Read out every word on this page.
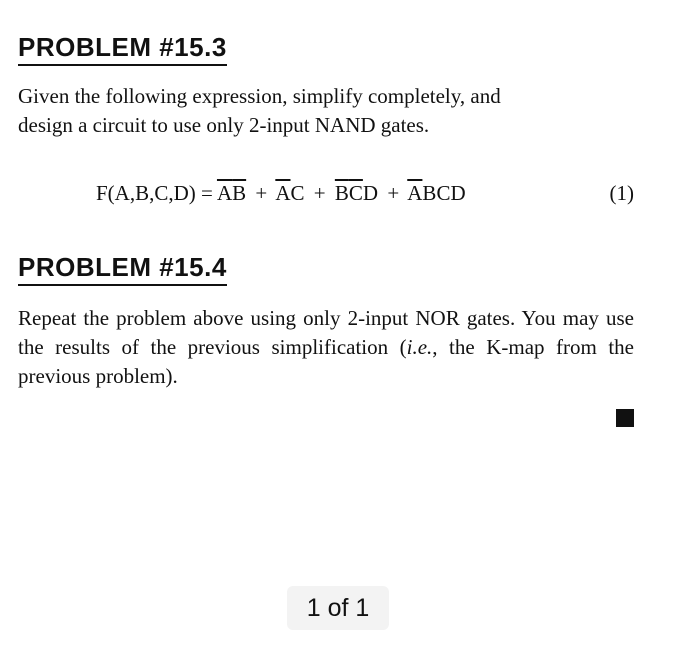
PROBLEM #15.3

Given the following expression, simplify completely, and
design a circuit to use only 2-input NAND gates.

$F(A,B,C,D) = \overline{A}\overline{B} + \overline{A}C + \overline{B}\overline{C}D + \overline{A}BCD$	(1)
PROBLEM #15.4

Repeat the problem above using only 2-input NOR gates. You may use the results of the previous simplification (i.e., the K-map from the previous problem).

1 of 1
